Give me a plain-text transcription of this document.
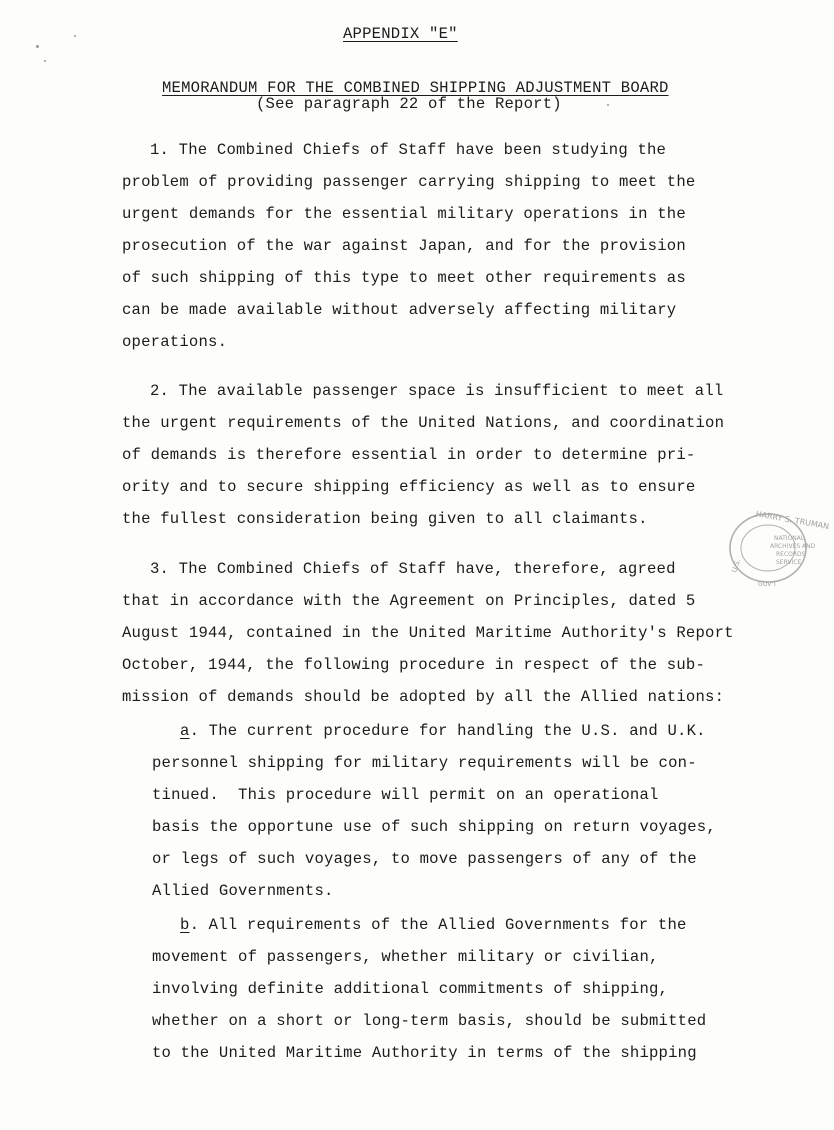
APPENDIX "E"
MEMORANDUM FOR THE COMBINED SHIPPING ADJUSTMENT BOARD
(See paragraph 22 of the Report)
1. The Combined Chiefs of Staff have been studying the
problem of providing passenger carrying shipping to meet the
urgent demands for the essential military operations in the
prosecution of the war against Japan, and for the provision
of such shipping of this type to meet other requirements as
can be made available without adversely affecting military
operations.
2. The available passenger space is insufficient to meet all
the urgent requirements of the United Nations, and coordination
of demands is therefore essential in order to determine pri-
ority and to secure shipping efficiency as well as to ensure
the fullest consideration being given to all claimants.
3. The Combined Chiefs of Staff have, therefore, agreed
that in accordance with the Agreement on Principles, dated 5
August 1944, contained in the United Maritime Authority's Report
October, 1944, the following procedure in respect of the sub-
mission of demands should be adopted by all the Allied nations:
a. The current procedure for handling the U.S. and U.K.
personnel shipping for military requirements will be con-
tinued.  This procedure will permit on an operational
basis the opportune use of such shipping on return voyages,
or legs of such voyages, to move passengers of any of the
Allied Governments.
b. All requirements of the Allied Governments for the
movement of passengers, whether military or civilian,
involving definite additional commitments of shipping,
whether on a short or long-term basis, should be submitted
to the United Maritime Authority in terms of the shipping
HARRY S. TRUMAN
NATIONAL
ARCHIVES AND
RECORDS
SERVICE
U.S.
GOV'T
